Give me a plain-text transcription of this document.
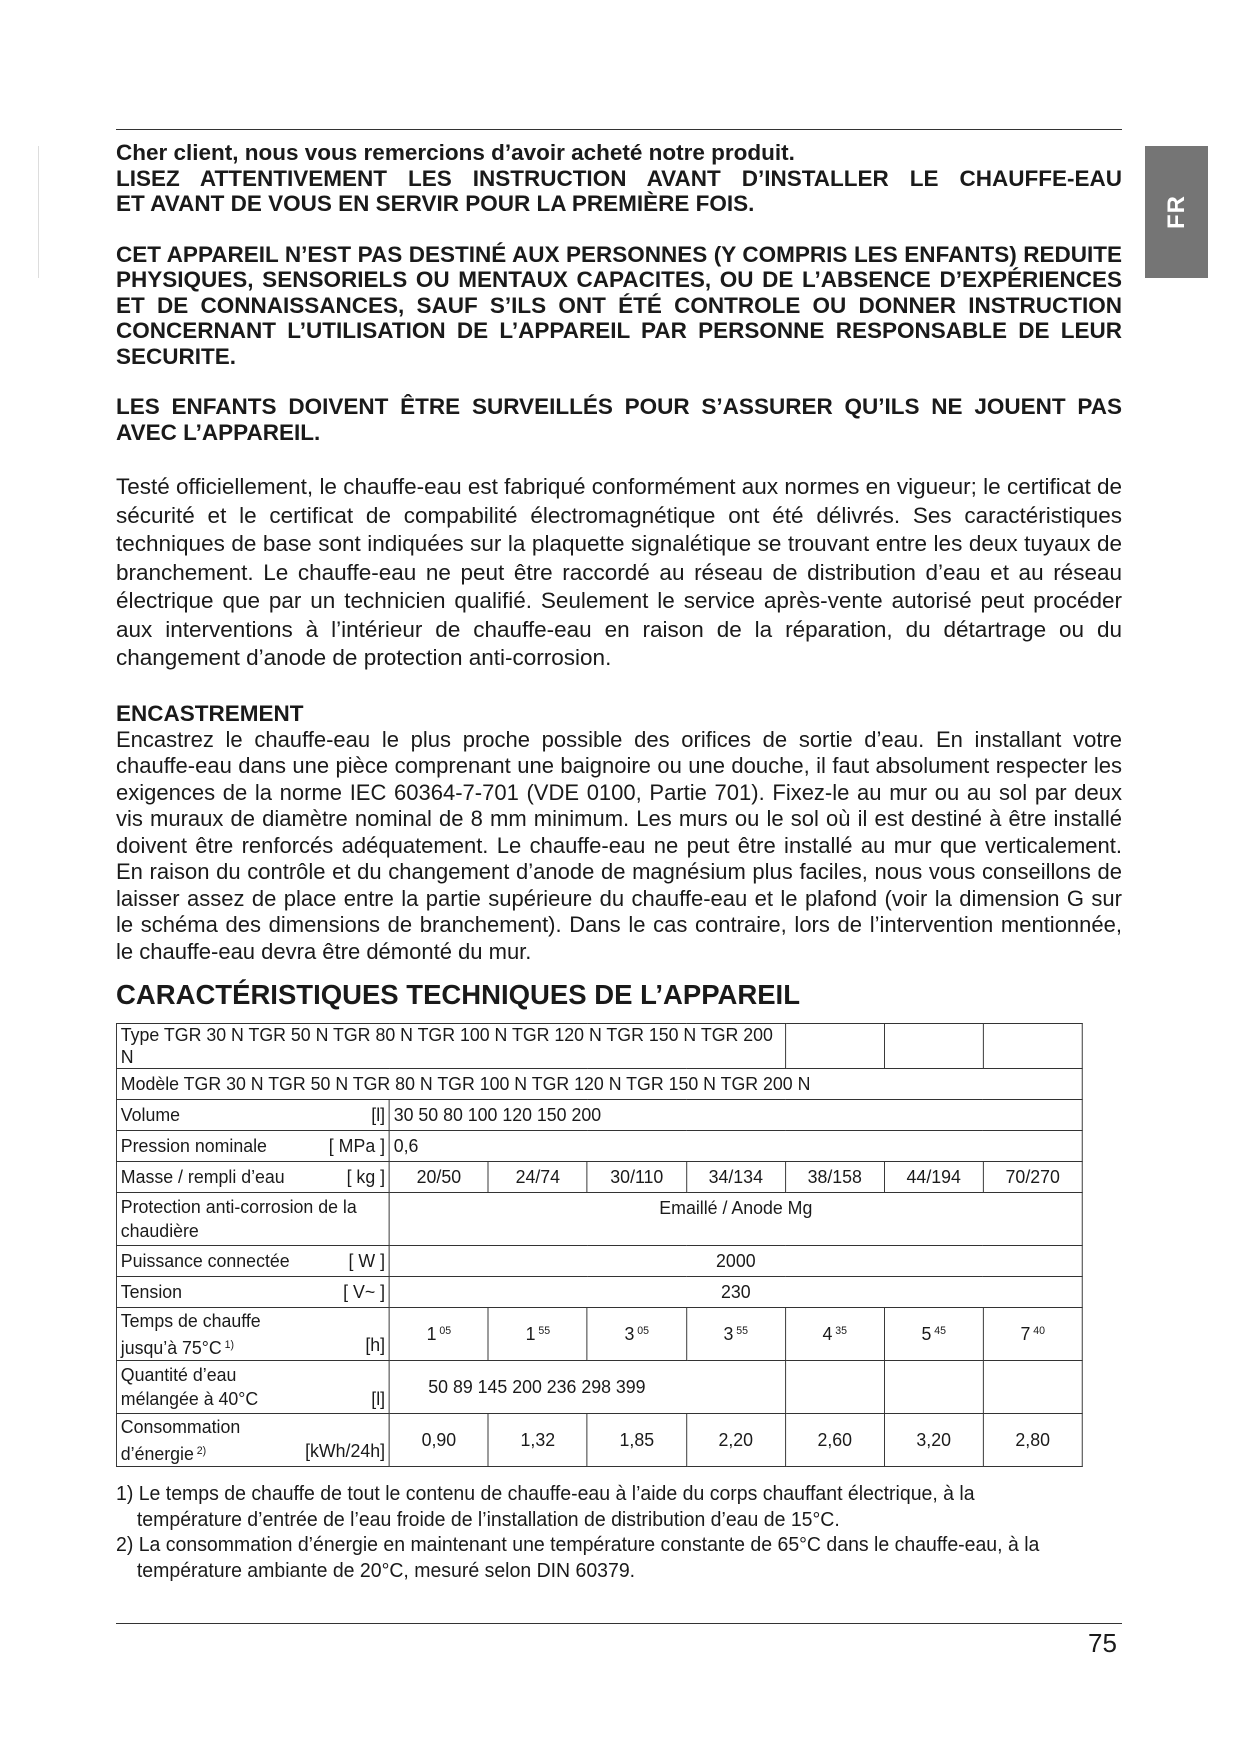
FR

Cher client, nous vous remercions d’avoir acheté notre produit.

LISEZ ATTENTIVEMENT LES INSTRUCTION AVANT D’INSTALLER LE CHAUFFE-EAU

ET AVANT DE VOUS EN SERVIR POUR LA PREMIÈRE FOIS.

CET APPAREIL N’EST PAS DESTINÉ AUX PERSONNES (Y COMPRIS LES ENFANTS) REDUITE PHYSIQUES, SENSORIELS OU MENTAUX CAPACITES, OU DE L’ABSENCE D’EXPÉRIENCES ET DE CONNAISSANCES, SAUF S’ILS ONT ÉTÉ CONTROLE OU DONNER INSTRUCTION CONCERNANT L’UTILISATION DE L’APPAREIL PAR PERSONNE RESPONSABLE DE LEUR SECURITE.

LES ENFANTS DOIVENT ÊTRE SURVEILLÉS POUR S’ASSURER QU’ILS NE JOUENT PAS AVEC L’APPAREIL.

Testé officiellement, le chauffe-eau est fabriqué conformément aux normes en vigueur; le certificat de sécurité et le certificat de compabilité électromagnétique ont été délivrés. Ses caractéristiques techniques de base sont indiquées sur la plaquette signalétique se trouvant entre les deux tuyaux de branchement. Le chauffe-eau ne peut être raccordé au réseau de distribution d’eau et au réseau électrique que par un technicien qualifié. Seulement le service après-vente autorisé peut procéder aux interventions à l’intérieur de chauffe-eau en raison de la réparation, du détartrage ou du changement d’anode de protection anti-corrosion.

ENCASTREMENT

Encastrez le chauffe-eau le plus proche possible des orifices de sortie d’eau. En installant votre chauffe-eau dans une pièce comprenant une baignoire ou une douche, il faut absolument respecter les exigences de la norme IEC 60364-7-701 (VDE 0100, Partie 701). Fixez-le au mur ou au sol par deux vis muraux de diamètre nominal de 8 mm minimum. Les murs ou le sol où il est destiné à être installé doivent être renforcés adéquatement. Le chauffe-eau ne peut être installé au mur que verticalement. En raison du contrôle et du changement d’anode de magnésium plus faciles, nous vous conseillons de laisser assez de place entre la partie supérieure du chauffe-eau et le plafond (voir la dimension G sur le schéma des dimensions de branchement). Dans le cas contraire, lors de l’intervention mentionnée, le chauffe-eau devra être démonté du mur.

CARACTÉRISTIQUES TECHNIQUES DE L’APPAREIL

Type TGR 30 N TGR 50 N TGR 80 N TGR 100 N TGR 120 N TGR 150 N TGR 200 N							
Modèle TGR 30 N TGR 50 N TGR 80 N TGR 100 N TGR 120 N TGR 150 N TGR 200 N							

Volume [l]	30 50 80 100 120 150 200						

Pression nominale [ MPa ]	0,6						

Masse / rempli d’eau [ kg ]	20/50	24/74	30/110	34/134	38/158	44/194	70/270
Protection anti-corrosion de la chaudière	Emaillé / Anode Mg						

Puissance connectée [ W ]	2000						

Tension [ V~ ]	230						

Temps de chauffe
jusqu’à 75°C $^{1)}$ [h]	1 $^{05}$	1 $^{55}$	3 $^{05}$	3 $^{55}$	4 $^{35}$	5 $^{45}$	7 $^{40}$

Quantité d’eau
mélangée à 40°C [l]	50 89 145 200 236 298 399						

Consommation
d’énergie $^{2)}$ [kWh/24h]	0,90	1,32	1,85	2,20	2,60	3,20	2,80

1) Le temps de chauffe de tout le contenu de chauffe-eau à l’aide du corps chauffant électrique, à la température d’entrée de l’eau froide de l’installation de distribution d’eau de 15°C.

2) La consommation d’énergie en maintenant une température constante de 65°C dans le chauffe-eau, à la température ambiante de 20°C, mesuré selon DIN 60379.

75
